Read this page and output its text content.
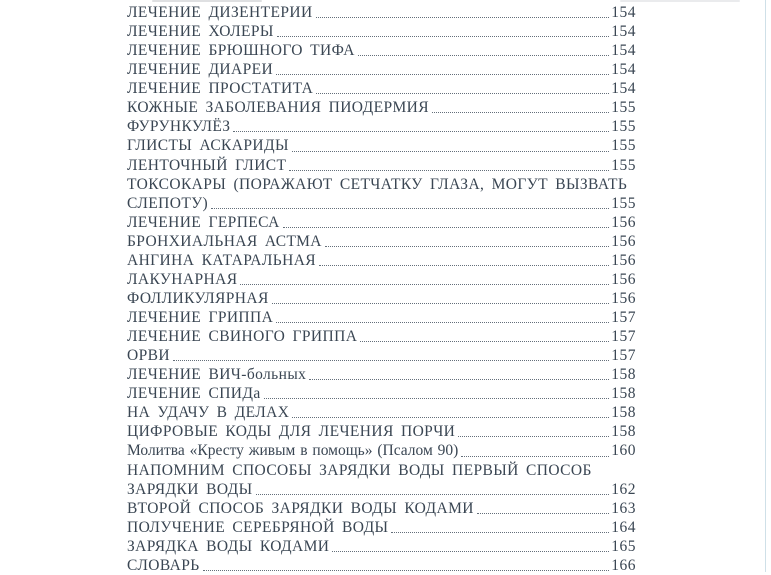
ЛЕЧЕНИЕ ДИЗЕНТЕРИИ	154
ЛЕЧЕНИЕ ХОЛЕРЫ	154
ЛЕЧЕНИЕ БРЮШНОГО ТИФА	154
ЛЕЧЕНИЕ ДИАРЕИ	154
ЛЕЧЕНИЕ ПРОСТАТИТА	154
КОЖНЫЕ ЗАБОЛЕВАНИЯ ПИОДЕРМИЯ	155
ФУРУНКУЛЁЗ	155
ГЛИСТЫ АСКАРИДЫ	155
ЛЕНТОЧНЫЙ ГЛИСТ	155
ТОКСОКАРЫ (ПОРАЖАЮТ СЕТЧАТКУ ГЛАЗА, МОГУТ ВЫЗВАТЬ
СЛЕПОТУ)	155
ЛЕЧЕНИЕ ГЕРПЕСА	156
БРОНХИАЛЬНАЯ АСТМА	156
АНГИНА КАТАРАЛЬНАЯ	156
ЛАКУНАРНАЯ	156
ФОЛЛИКУЛЯРНАЯ	156
ЛЕЧЕНИЕ ГРИППА	157
ЛЕЧЕНИЕ СВИНОГО ГРИППА	157
ОРВИ	157
ЛЕЧЕНИЕ ВИЧ-больных	158
ЛЕЧЕНИЕ СПИДа	158
НА УДАЧУ В ДЕЛАХ	158
ЦИФРОВЫЕ КОДЫ ДЛЯ ЛЕЧЕНИЯ ПОРЧИ	158
Молитва «Кресту живым в помощь» (Псалом 90)	160
НАПОМНИМ СПОСОБЫ ЗАРЯДКИ ВОДЫ ПЕРВЫЙ СПОСОБ
ЗАРЯДКИ ВОДЫ	162
ВТОРОЙ СПОСОБ ЗАРЯДКИ ВОДЫ КОДАМИ	163
ПОЛУЧЕНИЕ СЕРЕБРЯНОЙ ВОДЫ	164
ЗАРЯДКА ВОДЫ КОДАМИ	165
СЛОВАРЬ	166
